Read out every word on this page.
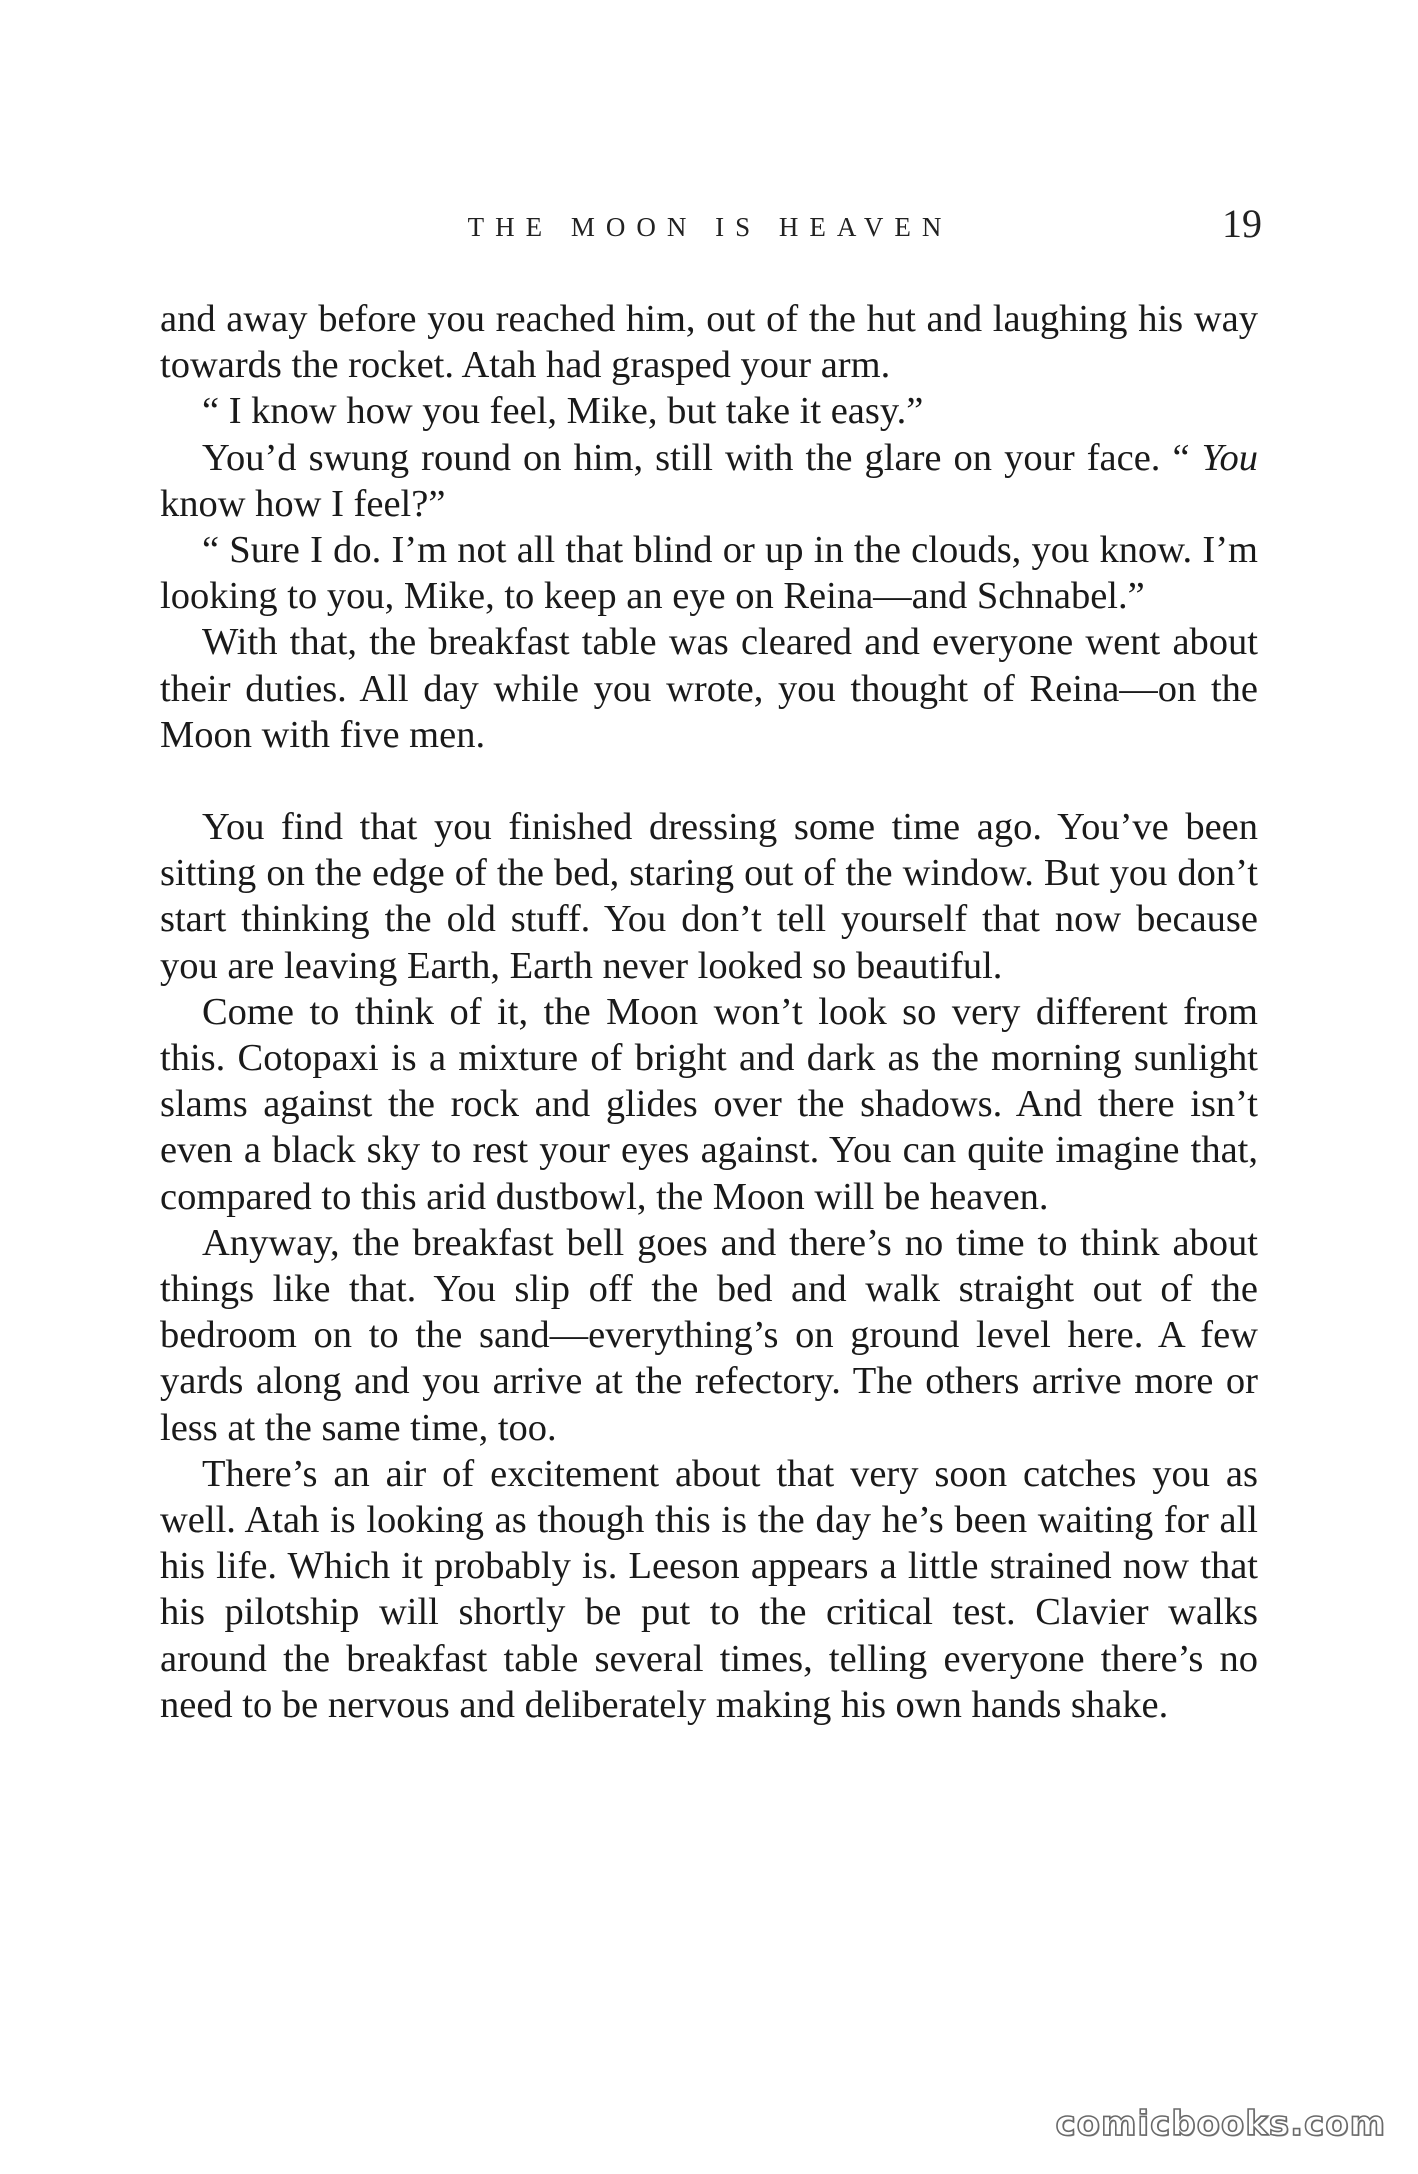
THE MOON IS HEAVEN	19

and away before you reached him, out of the hut and laughing his way towards the rocket. Atah had grasped your arm.

“ I know how you feel, Mike, but take it easy.”

You’d swung round on him, still with the glare on your face. “ You know how I feel?”

“ Sure I do. I’m not all that blind or up in the clouds, you know. I’m looking to you, Mike, to keep an eye on Reina—and Schnabel.”

With that, the breakfast table was cleared and everyone went about their duties. All day while you wrote, you thought of Reina—on the Moon with five men.

You find that you finished dressing some time ago. You’ve been sitting on the edge of the bed, staring out of the window. But you don’t start thinking the old stuff. You don’t tell yourself that now because you are leaving Earth, Earth never looked so beautiful.

Come to think of it, the Moon won’t look so very different from this. Cotopaxi is a mixture of bright and dark as the morning sunlight slams against the rock and glides over the shadows. And there isn’t even a black sky to rest your eyes against. You can quite imagine that, compared to this arid dustbowl, the Moon will be heaven.

Anyway, the breakfast bell goes and there’s no time to think about things like that. You slip off the bed and walk straight out of the bedroom on to the sand—everything’s on ground level here. A few yards along and you arrive at the refectory. The others arrive more or less at the same time, too.

There’s an air of excitement about that very soon catches you as well. Atah is looking as though this is the day he’s been waiting for all his life. Which it probably is. Leeson appears a little strained now that his pilotship will shortly be put to the critical test. Clavier walks around the breakfast table several times, telling everyone there’s no need to be nervous and deliberately making his own hands shake.

comicbooks.com
